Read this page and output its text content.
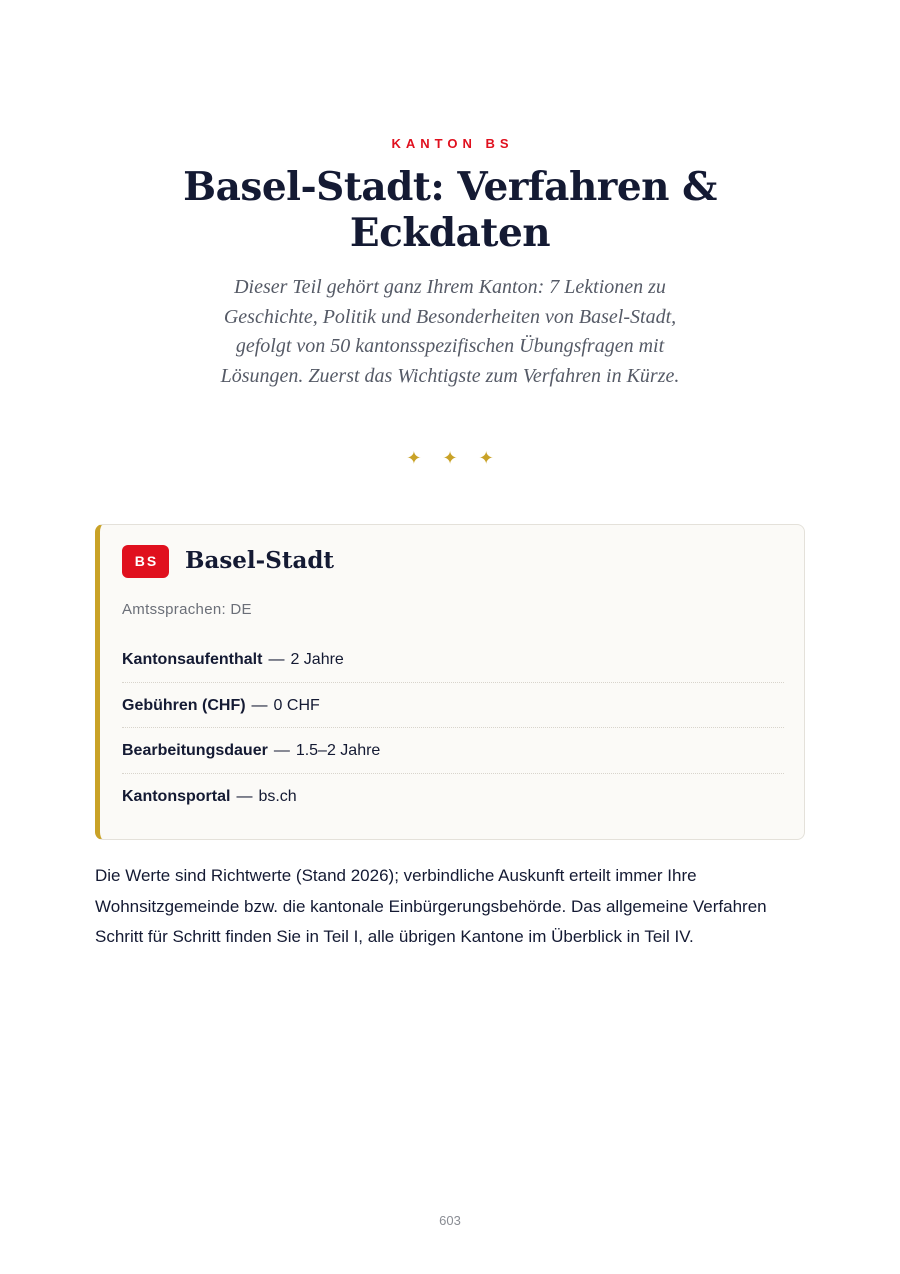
KANTON BS
Basel-Stadt: Verfahren & Eckdaten

Dieser Teil gehört ganz Ihrem Kanton: 7 Lektionen zu Geschichte, Politik und Besonderheiten von Basel-Stadt, gefolgt von 50 kantonsspezifischen Übungsfragen mit Lösungen. Zuerst das Wichtigste zum Verfahren in Kürze.

✦ ✦ ✦
BS	Basel-Stadt
Amtssprachen: DE
Kantonsaufenthalt — 2 Jahre
Gebühren (CHF) — 0 CHF
Bearbeitungsdauer — 1.5–2 Jahre
Kantonsportal — bs.ch

Die Werte sind Richtwerte (Stand 2026); verbindliche Auskunft erteilt immer Ihre Wohnsitzgemeinde bzw. die kantonale Einbürgerungsbehörde. Das allgemeine Verfahren Schritt für Schritt finden Sie in Teil I, alle übrigen Kantone im Überblick in Teil IV.

603
